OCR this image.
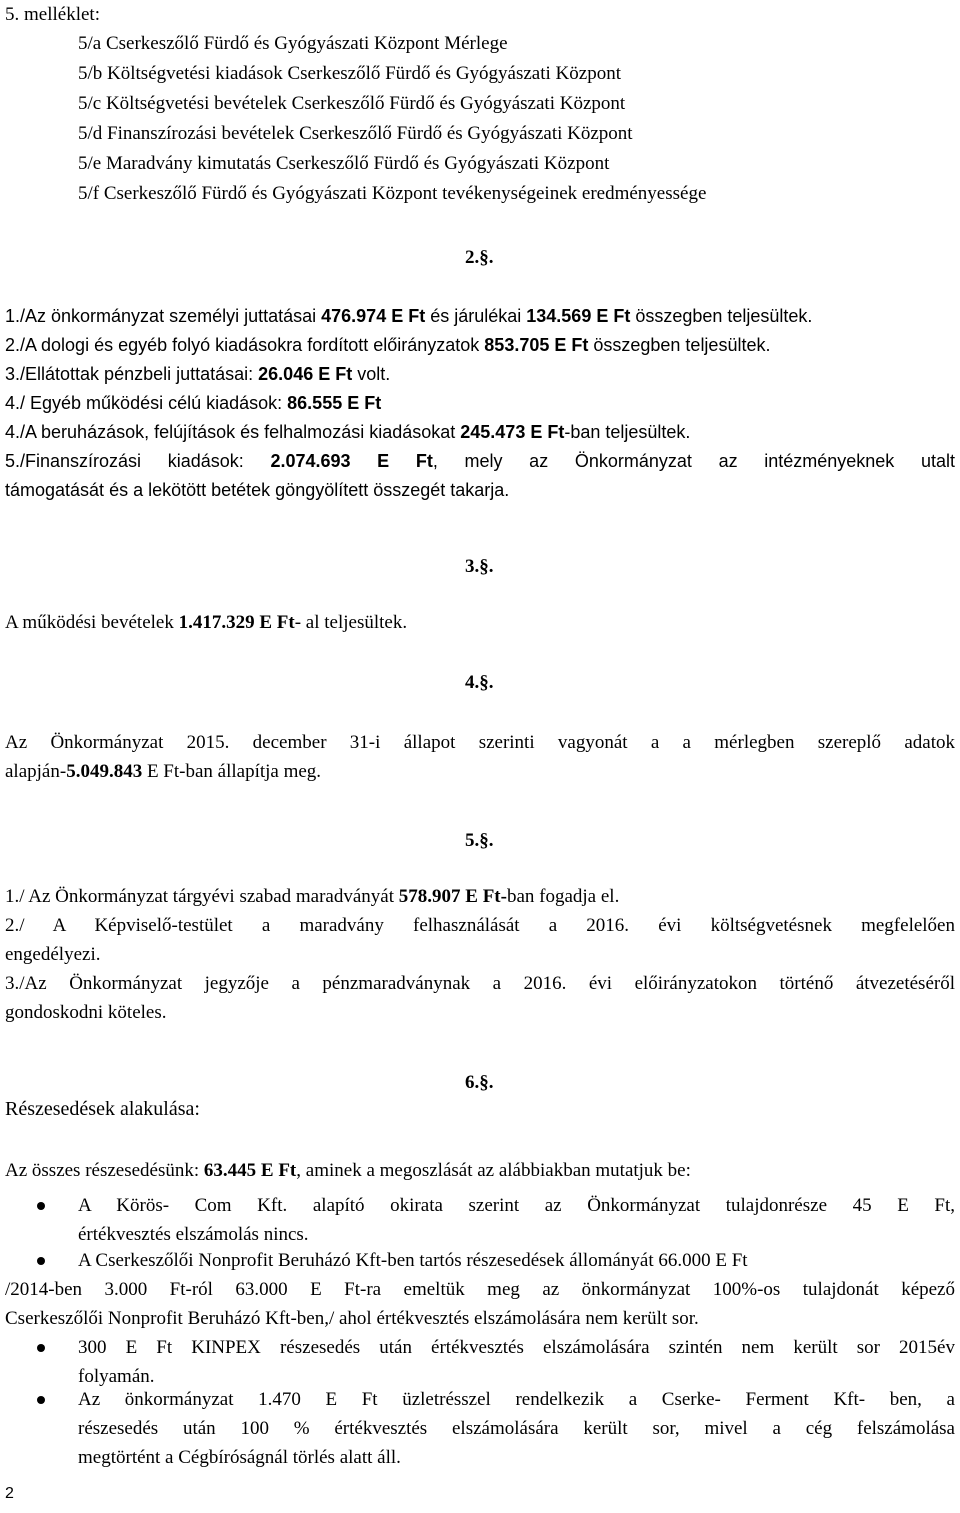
5. melléklet:
5/a Cserkeszőlő Fürdő és Gyógyászati Központ Mérlege
5/b Költségvetési kiadások Cserkeszőlő Fürdő és Gyógyászati Központ
5/c Költségvetési bevételek Cserkeszőlő Fürdő és Gyógyászati Központ
5/d Finanszírozási bevételek Cserkeszőlő Fürdő és Gyógyászati Központ
5/e Maradvány kimutatás Cserkeszőlő Fürdő és Gyógyászati Központ
5/f Cserkeszőlő Fürdő és Gyógyászati Központ tevékenységeinek eredményessége
2.§.
1./Az önkormányzat személyi juttatásai 476.974 E Ft és járulékai 134.569 E Ft összegben teljesültek.
2./A dologi és egyéb folyó kiadásokra fordított előirányzatok 853.705 E Ft összegben teljesültek.
3./Ellátottak pénzbeli juttatásai: 26.046 E Ft volt.
4./ Egyéb működési célú kiadások: 86.555 E Ft
4./A beruházások, felújítások és felhalmozási kiadásokat 245.473 E Ft-ban teljesültek.
5./Finanszírozási kiadások: 2.074.693 E Ft, mely az Önkormányzat az intézményeknek utalt
támogatását és a lekötött betétek göngyölített összegét takarja.
3.§.
A működési bevételek 1.417.329 E Ft- al teljesültek.
4.§.
Az Önkormányzat 2015. december 31-i állapot szerinti vagyonát a a mérlegben szereplő adatok
alapján-5.049.843 E Ft-ban állapítja meg.
5.§.
1./ Az Önkormányzat tárgyévi szabad maradványát 578.907 E Ft-ban fogadja el.
2./ A Képviselő-testület a maradvány felhasználását a 2016. évi költségvetésnek megfelelően
engedélyezi.
3./Az Önkormányzat jegyzője a pénzmaradványnak a 2016. évi előirányzatokon történő átvezetéséről
gondoskodni köteles.
6.§.
Részesedések alakulása:
Az összes részesedésünk: 63.445 E Ft, aminek a megoszlását az alábbiakban mutatjuk be:
A Körös- Com Kft. alapító okirata szerint az Önkormányzat tulajdonrésze 45 E Ft,
értékvesztés elszámolás nincs.
A Cserkeszőlői Nonprofit Beruházó Kft-ben tartós részesedések állományát 66.000 E Ft
/2014-ben 3.000 Ft-ról 63.000 E Ft-ra emeltük meg az önkormányzat 100%-os tulajdonát képező
Cserkeszőlői Nonprofit Beruházó Kft-ben,/ ahol értékvesztés elszámolására nem került sor.
300 E Ft KINPEX részesedés után értékvesztés elszámolására szintén nem került sor 2015év
folyamán.
Az önkormányzat 1.470 E Ft üzletrésszel rendelkezik a Cserke- Ferment Kft- ben, a
részesedés után 100 % értékvesztés elszámolására került sor, mivel a cég felszámolása
megtörtént a Cégbíróságnál törlés alatt áll.
2
